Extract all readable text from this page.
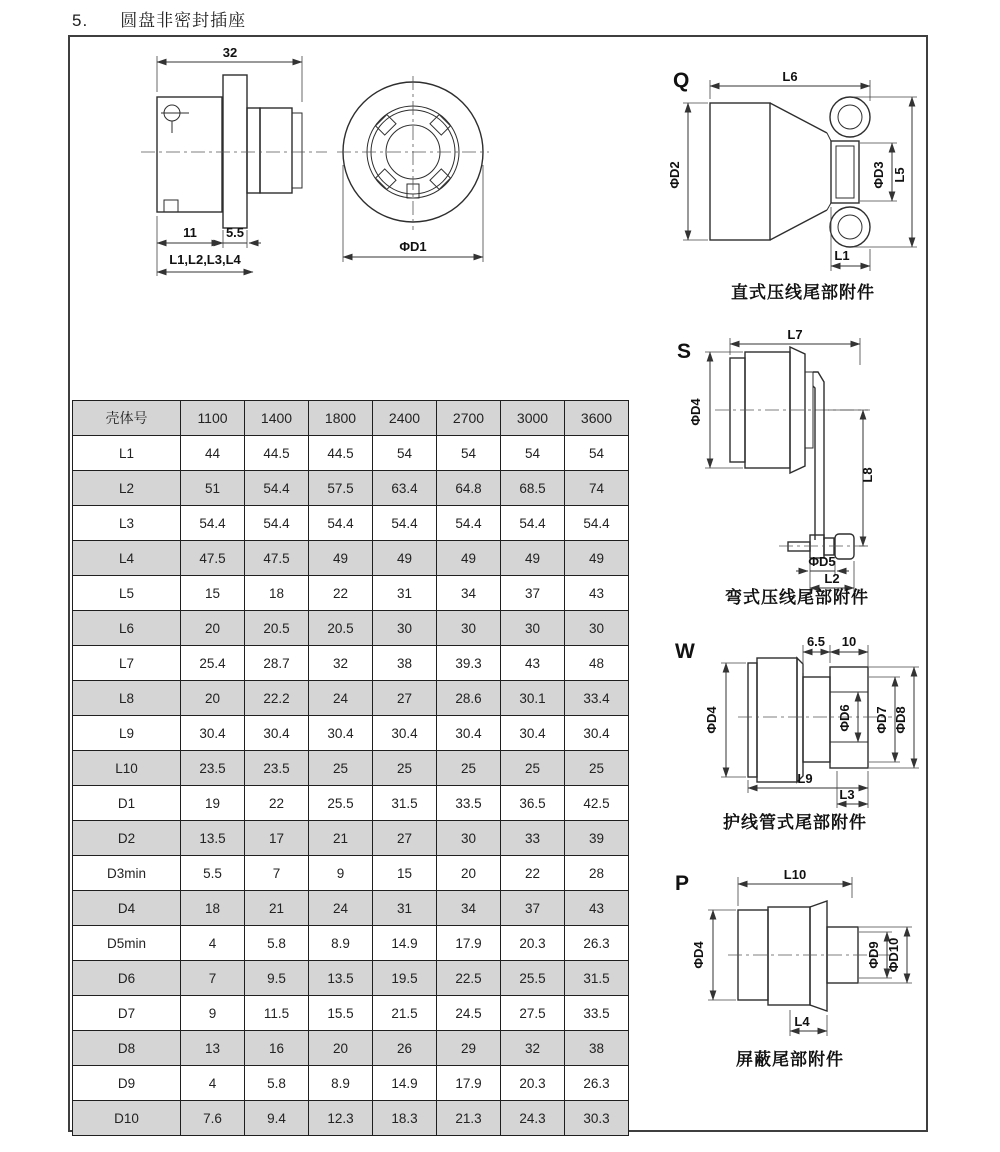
5. 圆盘非密封插座
32
11 5.5
L1,L2,L3,L4
ΦD1
Q	L6
ΦD2	ΦD3 L5
L1
直式压线尾部附件
S
L7
ΦD4
L8
ΦD5
L2
弯式压线尾部附件
W	6.5 10
ΦD4	ΦD6 ΦD7 ΦD8
L9
L3
护线管式尾部附件
P	L10
ΦD4	ΦD9 ΦD10
L4
屏蔽尾部附件
壳体号	1100	1400	1800	2400	2700	3000	3600
L1	44	44.5	44.5	54	54	54	54
L2	51	54.4	57.5	63.4	64.8	68.5	74
L3	54.4	54.4	54.4	54.4	54.4	54.4	54.4
L4	47.5	47.5	49	49	49	49	49
L5	15	18	22	31	34	37	43
L6	20	20.5	20.5	30	30	30	30
L7	25.4	28.7	32	38	39.3	43	48
L8	20	22.2	24	27	28.6	30.1	33.4
L9	30.4	30.4	30.4	30.4	30.4	30.4	30.4
L10	23.5	23.5	25	25	25	25	25
D1	19	22	25.5	31.5	33.5	36.5	42.5
D2	13.5	17	21	27	30	33	39
D3min	5.5	7	9	15	20	22	28
D4	18	21	24	31	34	37	43
D5min	4	5.8	8.9	14.9	17.9	20.3	26.3
D6	7	9.5	13.5	19.5	22.5	25.5	31.5
D7	9	11.5	15.5	21.5	24.5	27.5	33.5
D8	13	16	20	26	29	32	38
D9	4	5.8	8.9	14.9	17.9	20.3	26.3
D10	7.6	9.4	12.3	18.3	21.3	24.3	30.3
